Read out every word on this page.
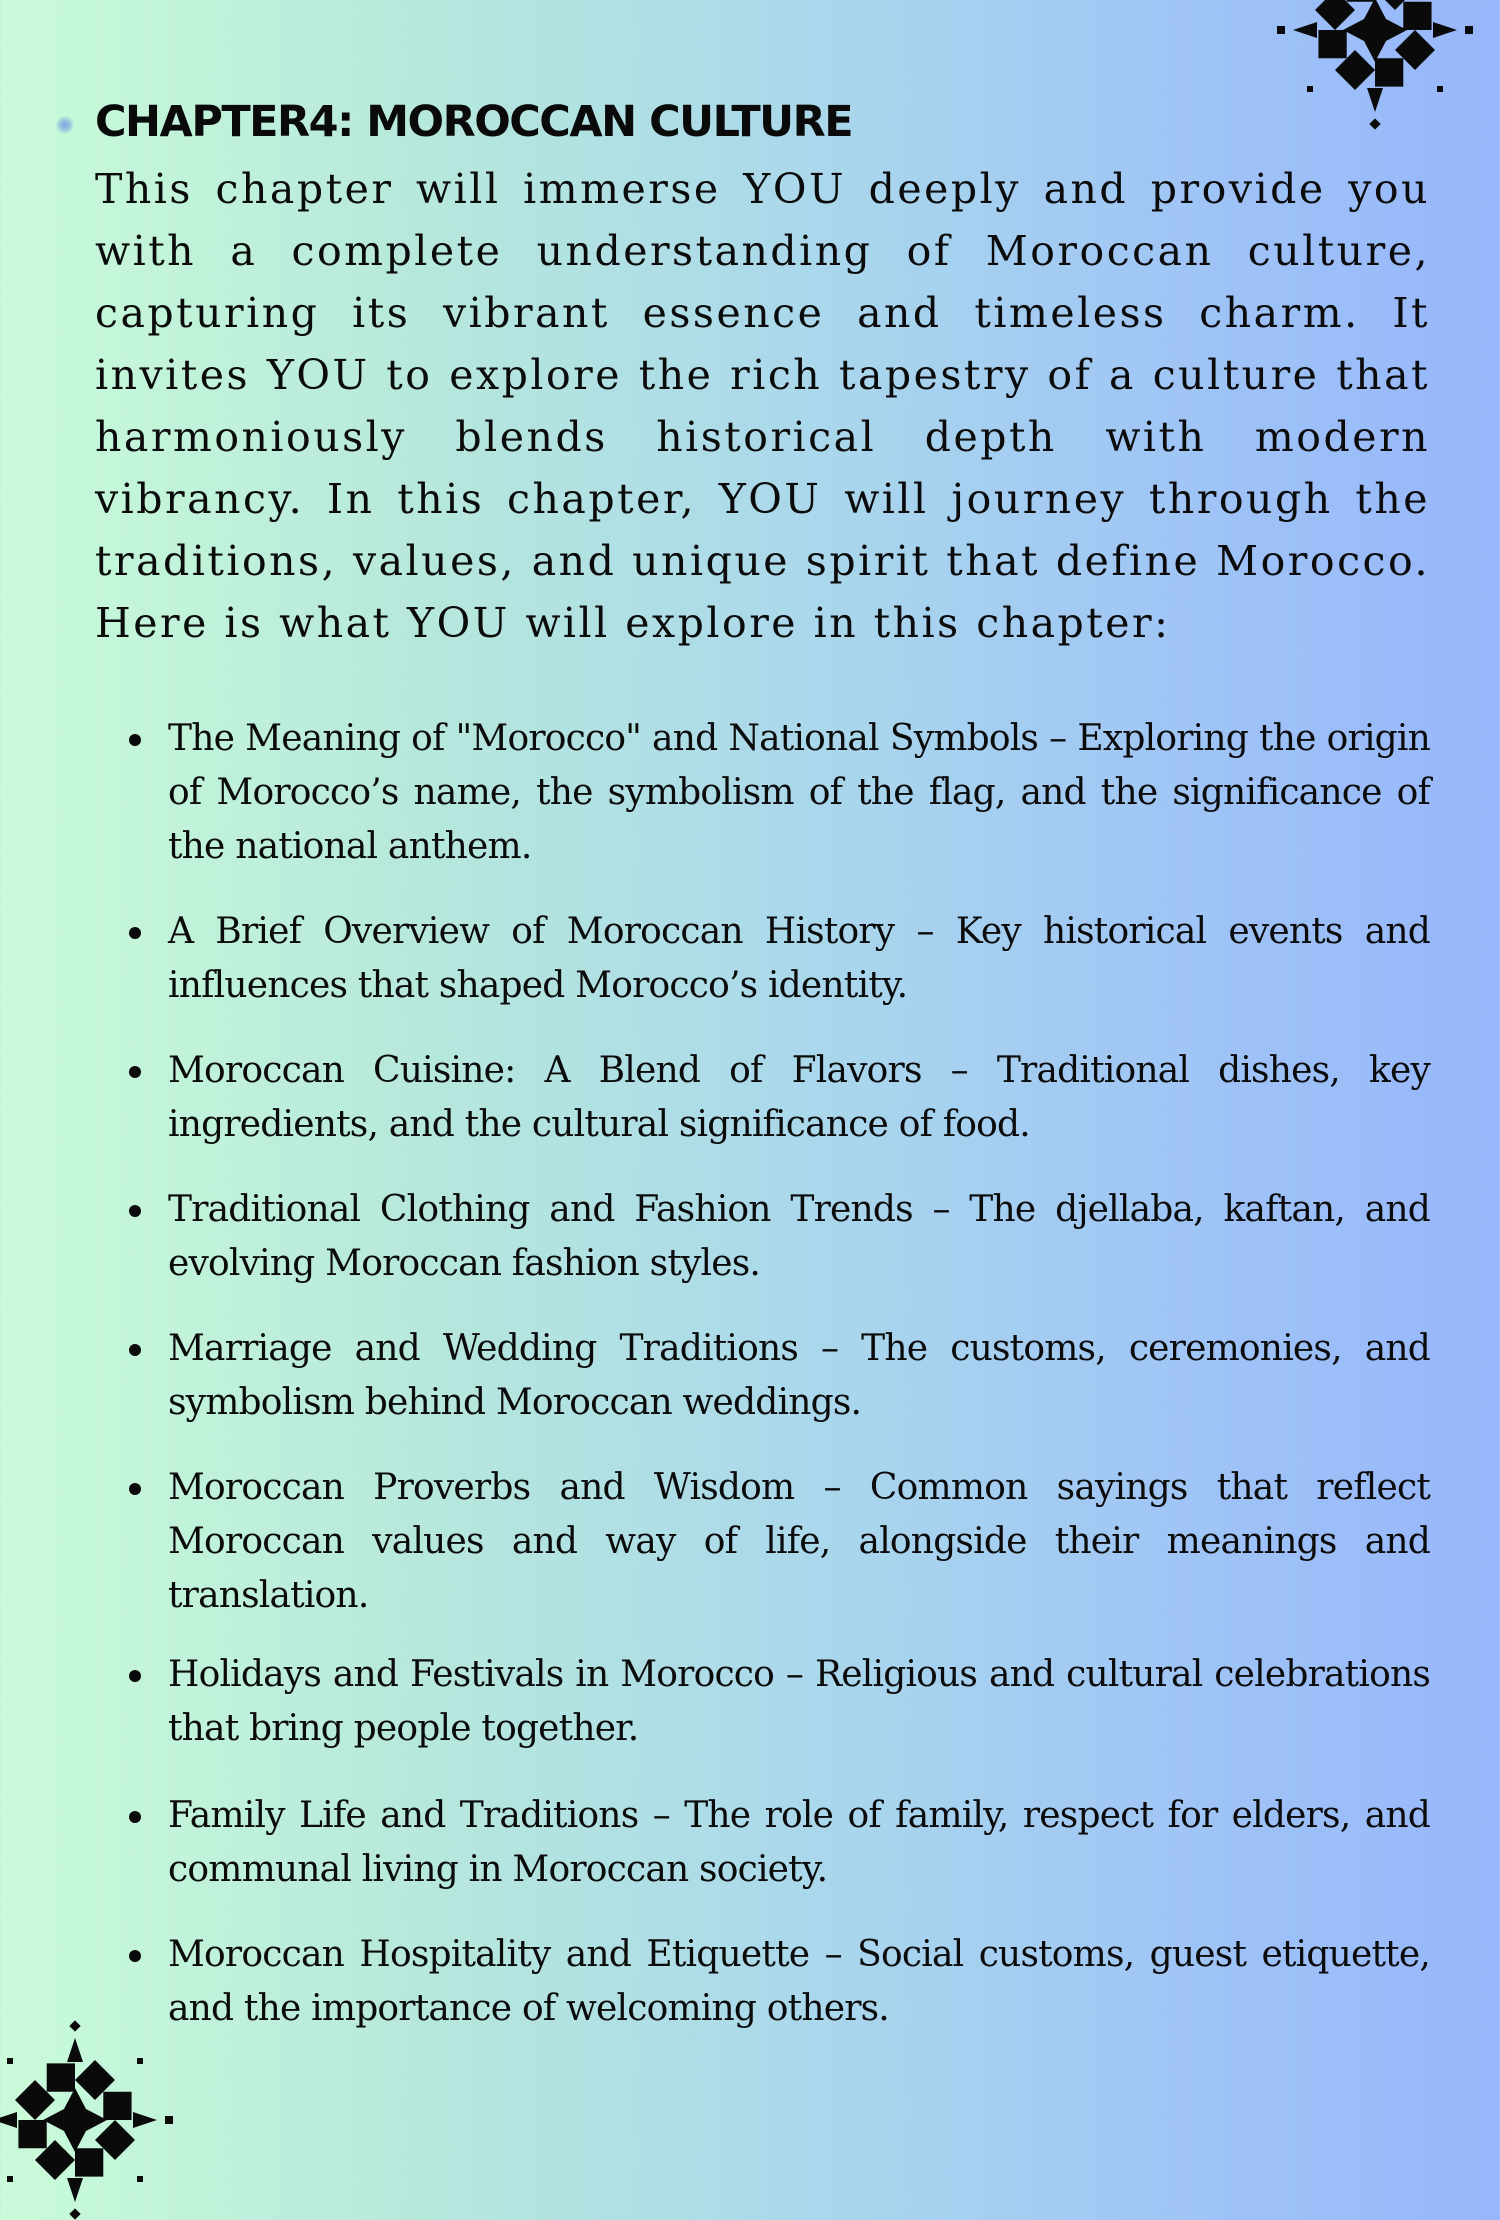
CHAPTER4: MOROCCAN CULTURE

This chapter will immerse YOU deeply and provide you with a complete understanding of Moroccan culture, capturing its vibrant essence and timeless charm. It invites YOU to explore the rich tapestry of a culture that harmoniously blends historical depth with modern vibrancy. In this chapter, YOU will journey through the traditions, values, and unique spirit that define Morocco. Here is what YOU will explore in this chapter:

The Meaning of "Morocco" and National Symbols – Exploring the origin of Morocco’s name, the symbolism of the flag, and the significance of the national anthem.
A Brief Overview of Moroccan History – Key historical events and influences that shaped Morocco’s identity.
Moroccan Cuisine: A Blend of Flavors – Traditional dishes, key ingredients, and the cultural significance of food.
Traditional Clothing and Fashion Trends – The djellaba, kaftan, and evolving Moroccan fashion styles.
Marriage and Wedding Traditions – The customs, ceremonies, and symbolism behind Moroccan weddings.
Moroccan Proverbs and Wisdom – Common sayings that reflect Moroccan values and way of life, alongside their meanings and translation.
Holidays and Festivals in Morocco – Religious and cultural celebrations that bring people together.
Family Life and Traditions – The role of family, respect for elders, and communal living in Moroccan society.
Moroccan Hospitality and Etiquette – Social customs, guest etiquette, and the importance of welcoming others.
